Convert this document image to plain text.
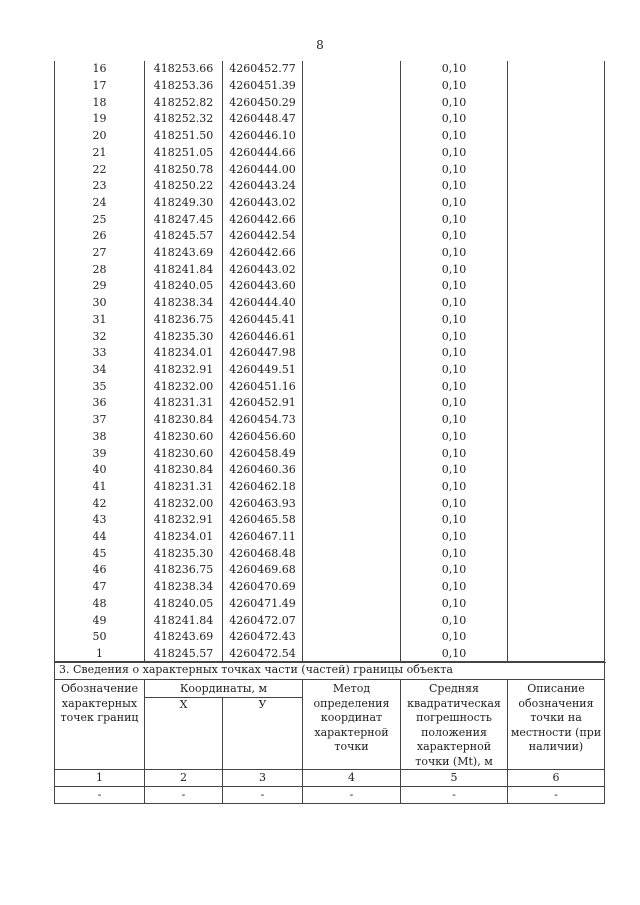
8
16	418253.66	4260452.77		0,10	
17	418253.36	4260451.39		0,10	
18	418252.82	4260450.29		0,10	
19	418252.32	4260448.47		0,10	
20	418251.50	4260446.10		0,10	
21	418251.05	4260444.66		0,10	
22	418250.78	4260444.00		0,10	
23	418250.22	4260443.24		0,10	
24	418249.30	4260443.02		0,10	
25	418247.45	4260442.66		0,10	
26	418245.57	4260442.54		0,10	
27	418243.69	4260442.66		0,10	
28	418241.84	4260443.02		0,10	
29	418240.05	4260443.60		0,10	
30	418238.34	4260444.40		0,10	
31	418236.75	4260445.41		0,10	
32	418235.30	4260446.61		0,10	
33	418234.01	4260447.98		0,10	
34	418232.91	4260449.51		0,10	
35	418232.00	4260451.16		0,10	
36	418231.31	4260452.91		0,10	
37	418230.84	4260454.73		0,10	
38	418230.60	4260456.60		0,10	
39	418230.60	4260458.49		0,10	
40	418230.84	4260460.36		0,10	
41	418231.31	4260462.18		0,10	
42	418232.00	4260463.93		0,10	
43	418232.91	4260465.58		0,10	
44	418234.01	4260467.11		0,10	
45	418235.30	4260468.48		0,10	
46	418236.75	4260469.68		0,10	
47	418238.34	4260470.69		0,10	
48	418240.05	4260471.49		0,10	
49	418241.84	4260472.07		0,10	
50	418243.69	4260472.43		0,10	
1	418245.57	4260472.54		0,10	
3. Сведения о характерных точках части (частей) границы объекта					
Обозначение характерных точек границ	Координаты, м		Метод определения координат характерной точки	Средняя квадратическая погрешность положения характерной точки (Mt), м	Описание обозначения точки на местности (при наличии)
	X	У			
1	2	3	4	5	6
-	-	-	-	-	-
